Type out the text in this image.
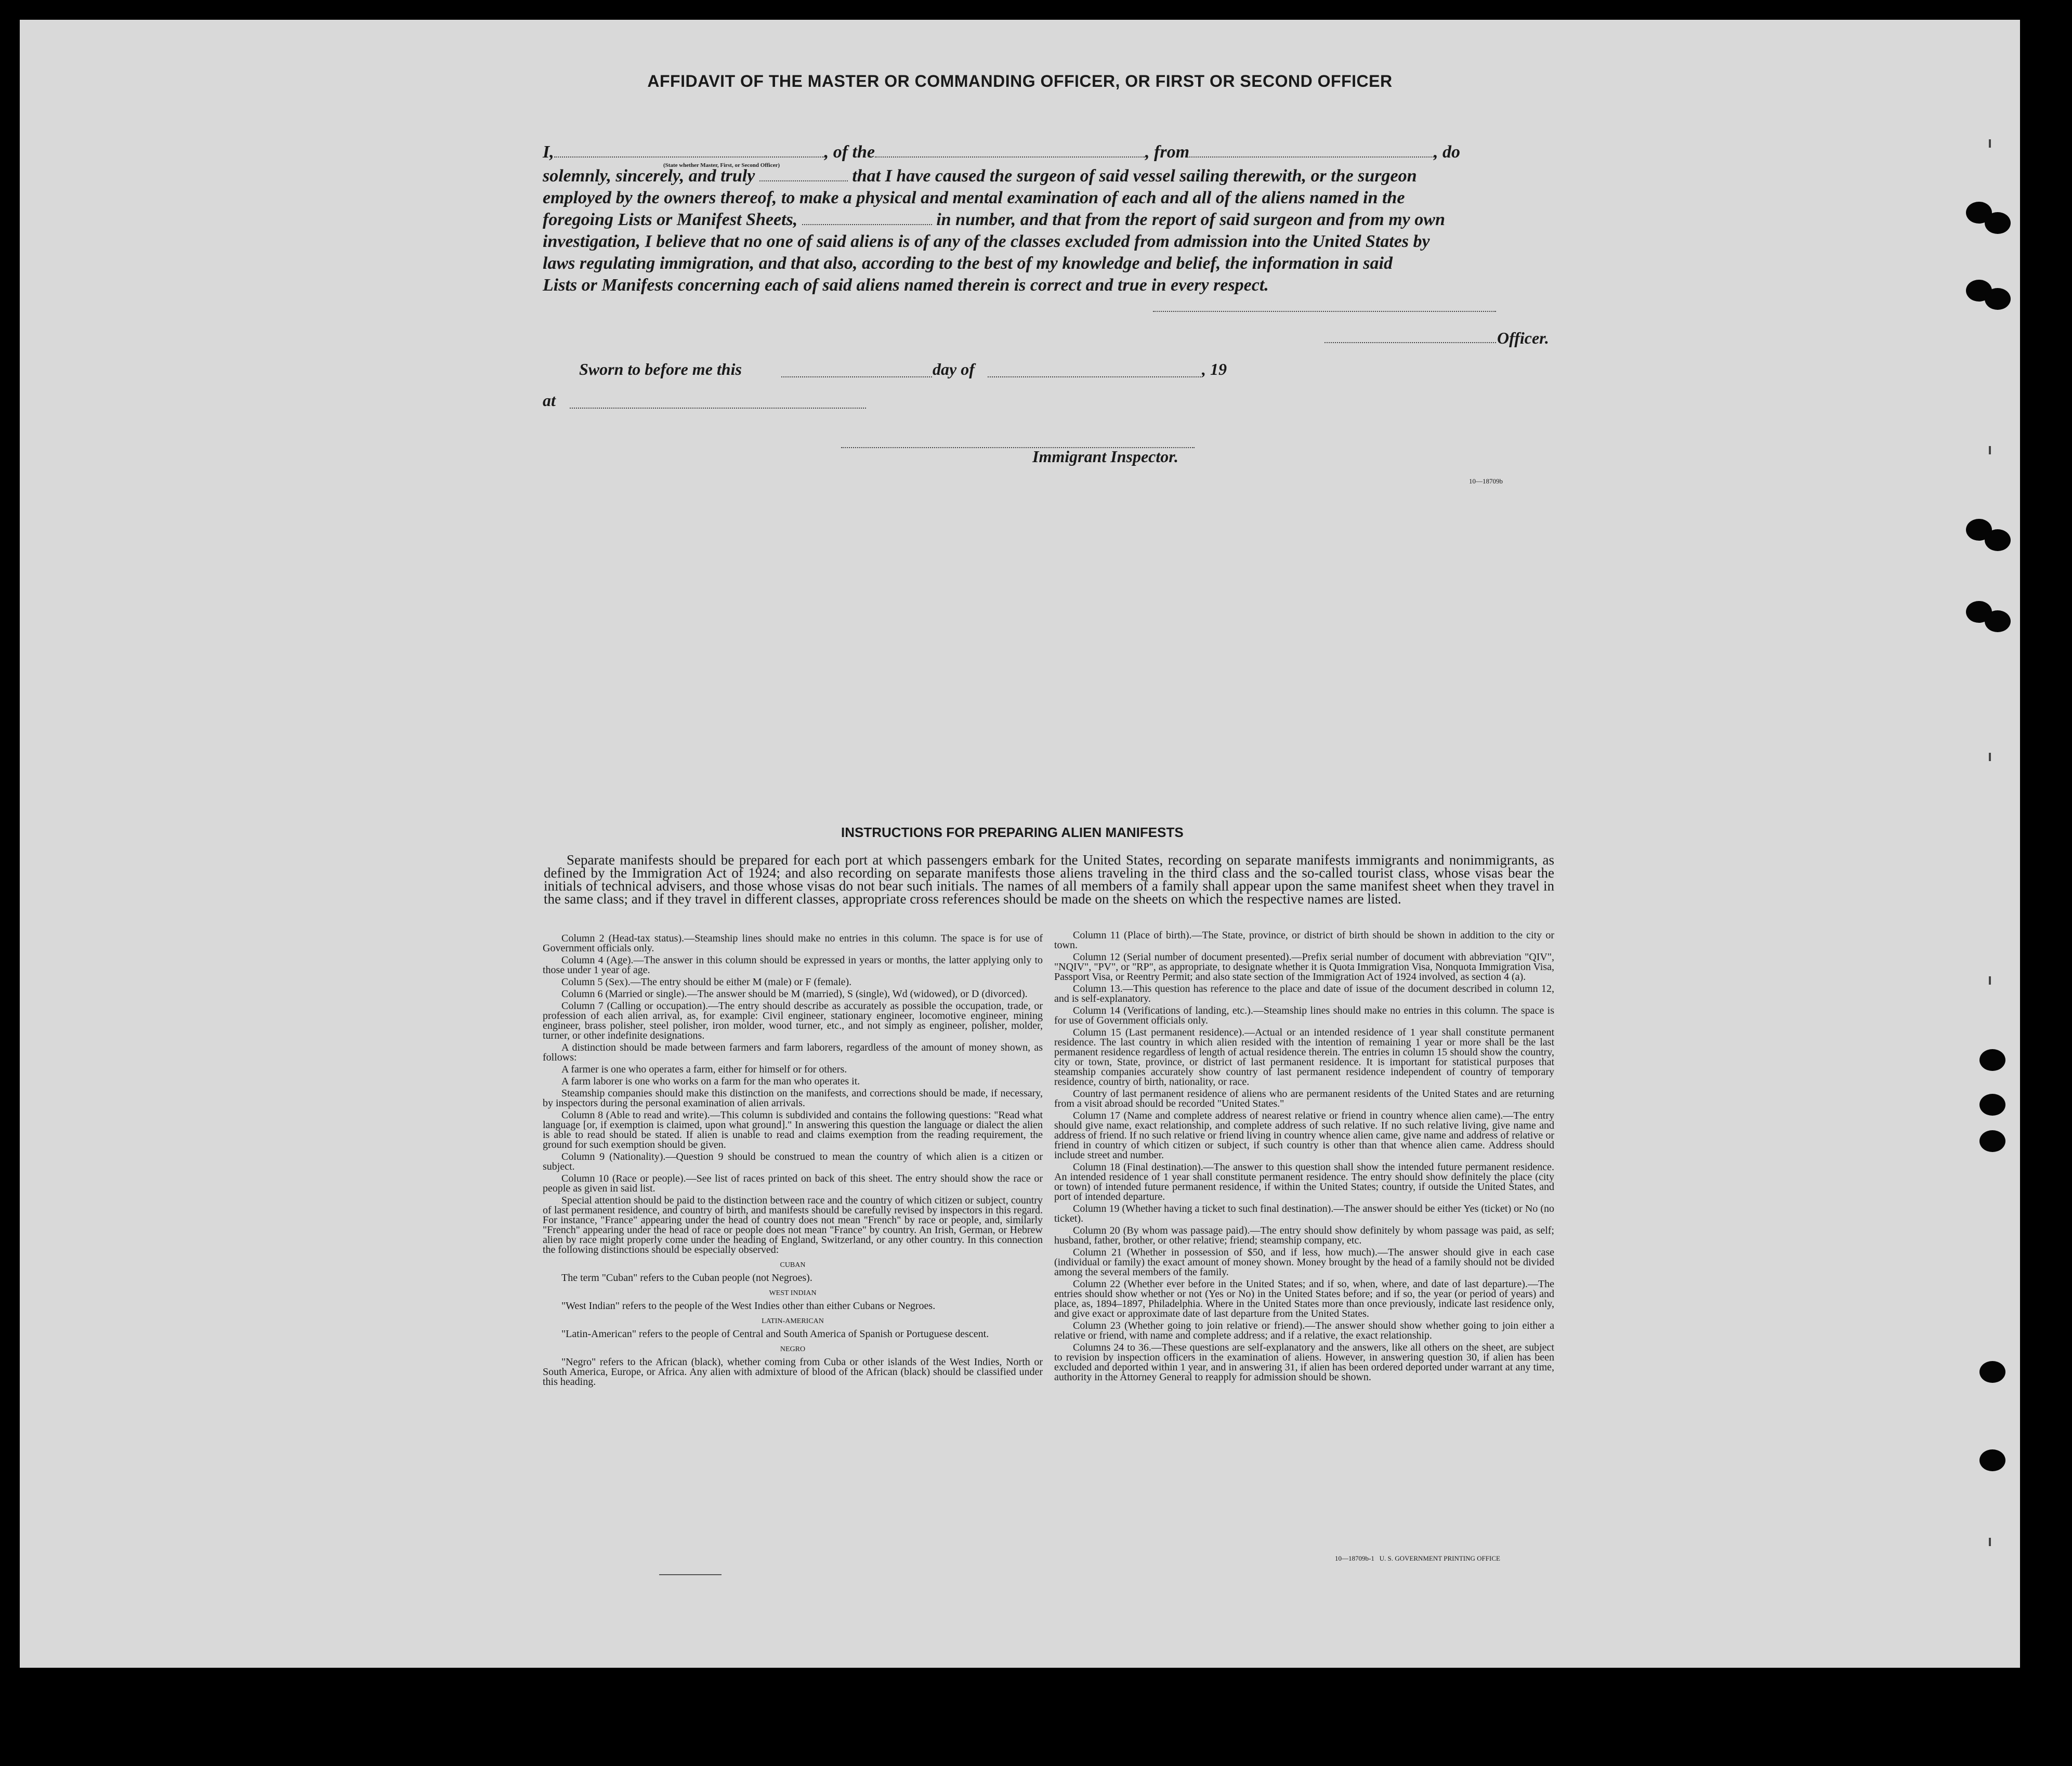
AFFIDAVIT OF THE MASTER OR COMMANDING OFFICER, OR FIRST OR SECOND OFFICER
I,	, of the	, from	, do
(State whether Master, First, or Second Officer)
solemnly, sincerely, and truly	that I have caused the surgeon of said vessel sailing therewith, or the surgeon
employed by the owners thereof, to make a physical and mental examination of each and all of the aliens named in the
foregoing Lists or Manifest Sheets,	in number, and that from the report of said surgeon and from my own
investigation, I believe that no one of said aliens is of any of the classes excluded from admission into the United States by
laws regulating immigration, and that also, according to the best of my knowledge and belief, the information in said
Lists or Manifests concerning each of said aliens named therein is correct and true in every respect.
Officer.
Sworn to before me this	day of	, 19
at
Immigrant Inspector.
10—18709b
INSTRUCTIONS FOR PREPARING ALIEN MANIFESTS
Separate manifests should be prepared for each port at which passengers embark for the United States, recording on separate manifests immigrants and nonimmigrants, as defined by the Immigration Act of 1924; and also recording on separate manifests those aliens traveling in the third class and the so-called tourist class, whose visas bear the initials of technical advisers, and those whose visas do not bear such initials. The names of all members of a family shall appear upon the same manifest sheet when they travel in the same class; and if they travel in different classes, appropriate cross references should be made on the sheets on which the respective names are listed.

Column 2 (Head-tax status).—Steamship lines should make no entries in this column. The space is for use of Government officials only.

Column 4 (Age).—The answer in this column should be expressed in years or months, the latter applying only to those under 1 year of age.

Column 5 (Sex).—The entry should be either M (male) or F (female).

Column 6 (Married or single).—The answer should be M (married), S (single), Wd (widowed), or D (divorced).

Column 7 (Calling or occupation).—The entry should describe as accurately as possible the occupation, trade, or profession of each alien arrival, as, for example: Civil engineer, stationary engineer, locomotive engineer, mining engineer, brass polisher, steel polisher, iron molder, wood turner, etc., and not simply as engineer, polisher, molder, turner, or other indefinite designations.

A distinction should be made between farmers and farm laborers, regardless of the amount of money shown, as follows:

A farmer is one who operates a farm, either for himself or for others.

A farm laborer is one who works on a farm for the man who operates it.

Steamship companies should make this distinction on the manifests, and corrections should be made, if necessary, by inspectors during the personal examination of alien arrivals.

Column 8 (Able to read and write).—This column is subdivided and contains the following questions: "Read what language [or, if exemption is claimed, upon what ground]." In answering this question the language or dialect the alien is able to read should be stated. If alien is unable to read and claims exemption from the reading requirement, the ground for such exemption should be given.

Column 9 (Nationality).—Question 9 should be construed to mean the country of which alien is a citizen or subject.

Column 10 (Race or people).—See list of races printed on back of this sheet. The entry should show the race or people as given in said list.

Special attention should be paid to the distinction between race and the country of which citizen or subject, country of last permanent residence, and country of birth, and manifests should be carefully revised by inspectors in this regard. For instance, "France" appearing under the head of country does not mean "French" by race or people, and, similarly "French" appearing under the head of race or people does not mean "France" by country. An Irish, German, or Hebrew alien by race might properly come under the heading of England, Switzerland, or any other country. In this connection the following distinctions should be especially observed:

CUBAN

The term "Cuban" refers to the Cuban people (not Negroes).

WEST INDIAN

"West Indian" refers to the people of the West Indies other than either Cubans or Negroes.

LATIN-AMERICAN

"Latin-American" refers to the people of Central and South America of Spanish or Portuguese descent.

NEGRO

"Negro" refers to the African (black), whether coming from Cuba or other islands of the West Indies, North or South America, Europe, or Africa. Any alien with admixture of blood of the African (black) should be classified under this heading.

Column 11 (Place of birth).—The State, province, or district of birth should be shown in addition to the city or town.

Column 12 (Serial number of document presented).—Prefix serial number of document with abbreviation "QIV", "NQIV", "PV", or "RP", as appropriate, to designate whether it is Quota Immigration Visa, Nonquota Immigration Visa, Passport Visa, or Reentry Permit; and also state section of the Immigration Act of 1924 involved, as section 4 (a).

Column 13.—This question has reference to the place and date of issue of the document described in column 12, and is self-explanatory.

Column 14 (Verifications of landing, etc.).—Steamship lines should make no entries in this column. The space is for use of Government officials only.

Column 15 (Last permanent residence).—Actual or an intended residence of 1 year shall constitute permanent residence. The last country in which alien resided with the intention of remaining 1 year or more shall be the last permanent residence regardless of length of actual residence therein. The entries in column 15 should show the country, city or town, State, province, or district of last permanent residence. It is important for statistical purposes that steamship companies accurately show country of last permanent residence independent of country of temporary residence, country of birth, nationality, or race.

Country of last permanent residence of aliens who are permanent residents of the United States and are returning from a visit abroad should be recorded "United States."

Column 17 (Name and complete address of nearest relative or friend in country whence alien came).—The entry should give name, exact relationship, and complete address of such relative. If no such relative living, give name and address of friend. If no such relative or friend living in country whence alien came, give name and address of relative or friend in country of which citizen or subject, if such country is other than that whence alien came. Address should include street and number.

Column 18 (Final destination).—The answer to this question shall show the intended future permanent residence. An intended residence of 1 year shall constitute permanent residence. The entry should show definitely the place (city or town) of intended future permanent residence, if within the United States; country, if outside the United States, and port of intended departure.

Column 19 (Whether having a ticket to such final destination).—The answer should be either Yes (ticket) or No (no ticket).

Column 20 (By whom was passage paid).—The entry should show definitely by whom passage was paid, as self; husband, father, brother, or other relative; friend; steamship company, etc.

Column 21 (Whether in possession of $50, and if less, how much).—The answer should give in each case (individual or family) the exact amount of money shown. Money brought by the head of a family should not be divided among the several members of the family.

Column 22 (Whether ever before in the United States; and if so, when, where, and date of last departure).—The entries should show whether or not (Yes or No) in the United States before; and if so, the year (or period of years) and place, as, 1894–1897, Philadelphia. Where in the United States more than once previously, indicate last residence only, and give exact or approximate date of last departure from the United States.

Column 23 (Whether going to join relative or friend).—The answer should show whether going to join either a relative or friend, with name and complete address; and if a relative, the exact relationship.

Columns 24 to 36.—These questions are self-explanatory and the answers, like all others on the sheet, are subject to revision by inspection officers in the examination of aliens. However, in answering question 30, if alien has been excluded and deported within 1 year, and in answering 31, if alien has been ordered deported under warrant at any time, authority in the Attorney General to reapply for admission should be shown.

10—18709b-1 U. S. GOVERNMENT PRINTING OFFICE
